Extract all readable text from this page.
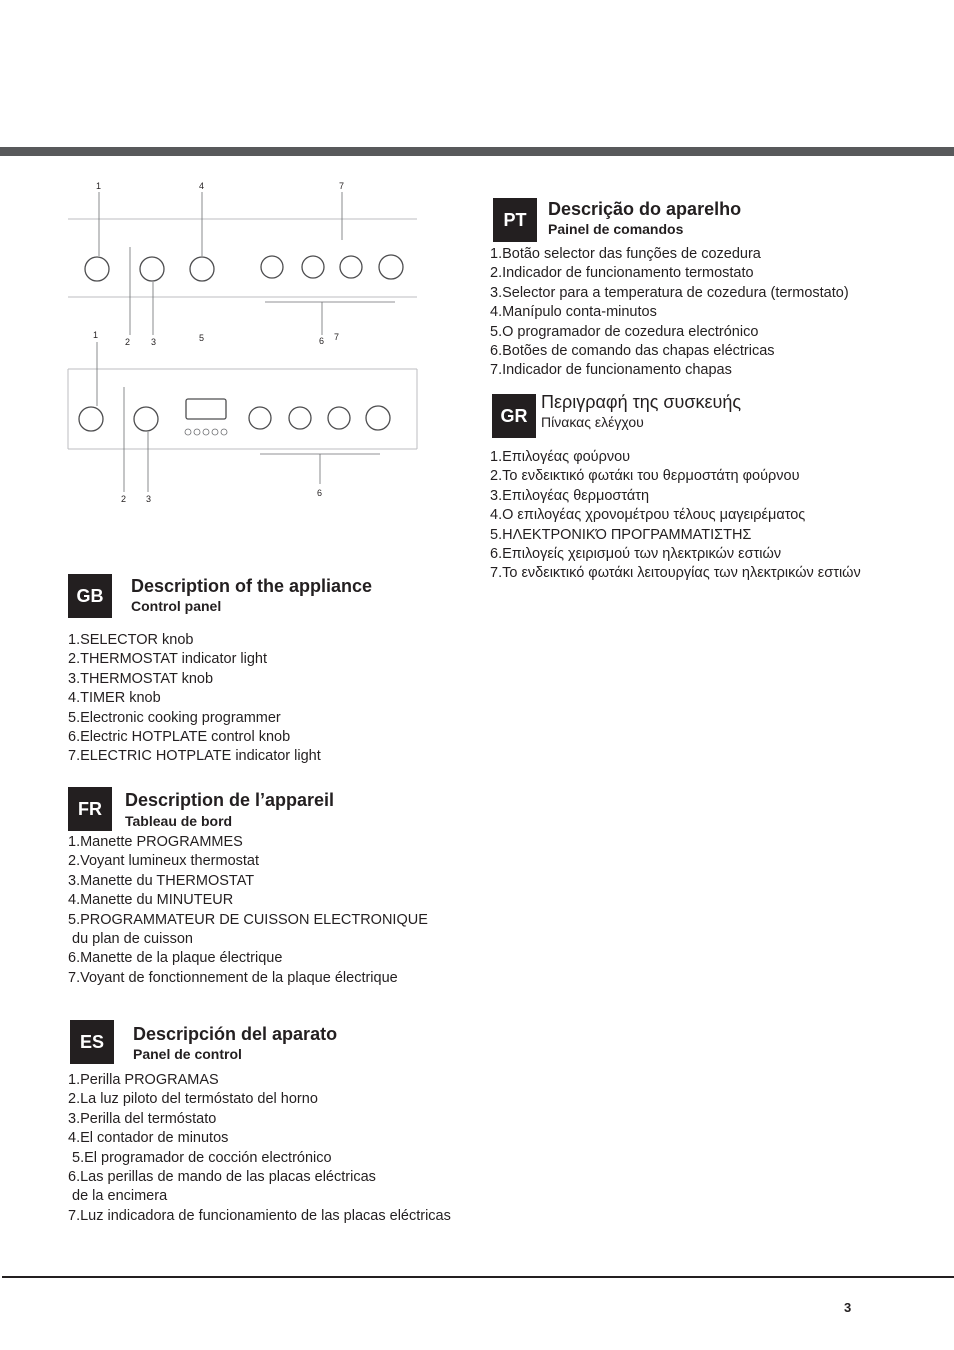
1	4	7
1
2 3	5	6 7
2 3
6
PT
Descrição do aparelho
Painel de comandos
1.Botão selector das funções de cozedura
2.Indicador de funcionamento termostato
3.Selector para a temperatura de cozedura (termostato)
4.Manípulo conta-minutos
5.O programador de cozedura electrónico
6.Botões de comando das chapas eléctricas
7.Indicador de funcionamento chapas
GR
Περιγραφή της συσκευής
Πίνακας ελέγχου
1.Επιλογέας φούρνου
2.Το ενδεικτικό φωτάκι του θερμοστάτη φούρνου
3.Επιλογέας θερμοστάτη
4.Ο επιλογέας χρονομέτρου τέλους μαγειρέματος
5.ΗΛΕΚΤΡΟΝΙΚΌ ΠΡΟΓΡΑΜΜΑΤΙΣΤΗΣ
6.Επιλογείς χειρισμού των ηλεκτρικών εστιών
7.Το ενδεικτικό φωτάκι λειτουργίας των ηλεκτρικών εστιών
GB	Description of the appliance
Control panel
1.SELECTOR knob
2.THERMOSTAT indicator light
3.THERMOSTAT knob
4.TIMER knob
5.Electronic cooking programmer
6.Electric HOTPLATE control knob
7.ELECTRIC HOTPLATE indicator light
FR	Description de l’appareil
Tableau de bord
1.Manette PROGRAMMES
2.Voyant lumineux thermostat
3.Manette du THERMOSTAT
4.Manette du MINUTEUR
5.PROGRAMMATEUR DE CUISSON ELECTRONIQUE
du plan de cuisson
6.Manette de la plaque électrique
7.Voyant de fonctionnement de la plaque électrique
ES	Descripción del aparato
Panel de control
1.Perilla PROGRAMAS
2.La luz piloto del termóstato del horno
3.Perilla del termóstato
4.El contador de minutos
5.El programador de cocción electrónico
6.Las perillas de mando de las placas eléctricas
de la encimera
7.Luz indicadora de funcionamiento de las placas eléctricas
3
